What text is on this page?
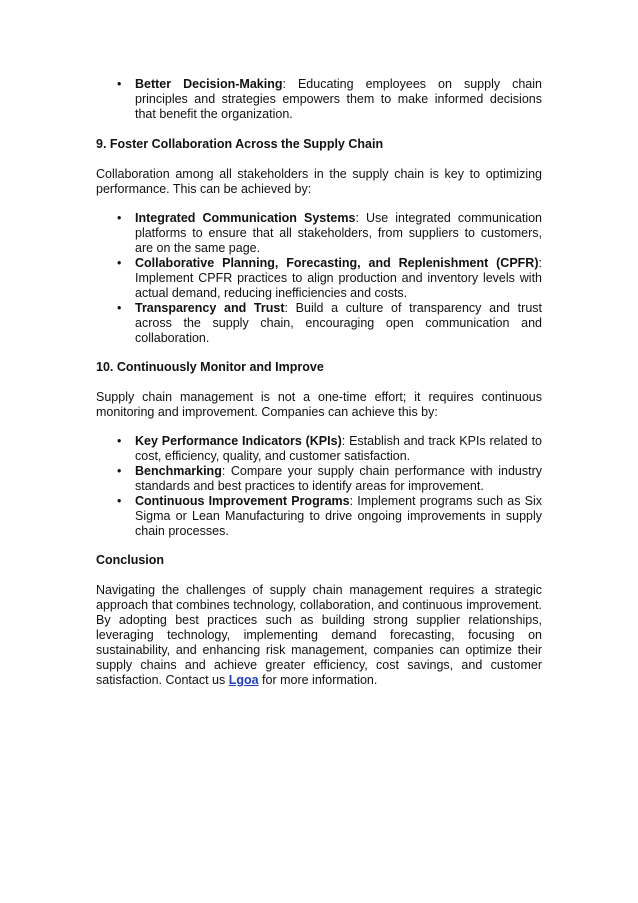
• Better Decision-Making: Educating employees on supply chain principles and strategies empowers them to make informed decisions that benefit the organization.
9. Foster Collaboration Across the Supply Chain

Collaboration among all stakeholders in the supply chain is key to optimizing performance. This can be achieved by:

• Integrated Communication Systems: Use integrated communication platforms to ensure that all stakeholders, from suppliers to customers, are on the same page.
• Collaborative Planning, Forecasting, and Replenishment (CPFR): Implement CPFR practices to align production and inventory levels with actual demand, reducing inefficiencies and costs.
• Transparency and Trust: Build a culture of transparency and trust across the supply chain, encouraging open communication and collaboration.
10. Continuously Monitor and Improve

Supply chain management is not a one-time effort; it requires continuous monitoring and improvement. Companies can achieve this by:

• Key Performance Indicators (KPIs): Establish and track KPIs related to cost, efficiency, quality, and customer satisfaction.
• Benchmarking: Compare your supply chain performance with industry standards and best practices to identify areas for improvement.
• Continuous Improvement Programs: Implement programs such as Six Sigma or Lean Manufacturing to drive ongoing improvements in supply chain processes.
Conclusion

Navigating the challenges of supply chain management requires a strategic approach that combines technology, collaboration, and continuous improvement. By adopting best practices such as building strong supplier relationships, leveraging technology, implementing demand forecasting, focusing on sustainability, and enhancing risk management, companies can optimize their supply chains and achieve greater efficiency, cost savings, and customer satisfaction. Contact us Lgoa for more information.
